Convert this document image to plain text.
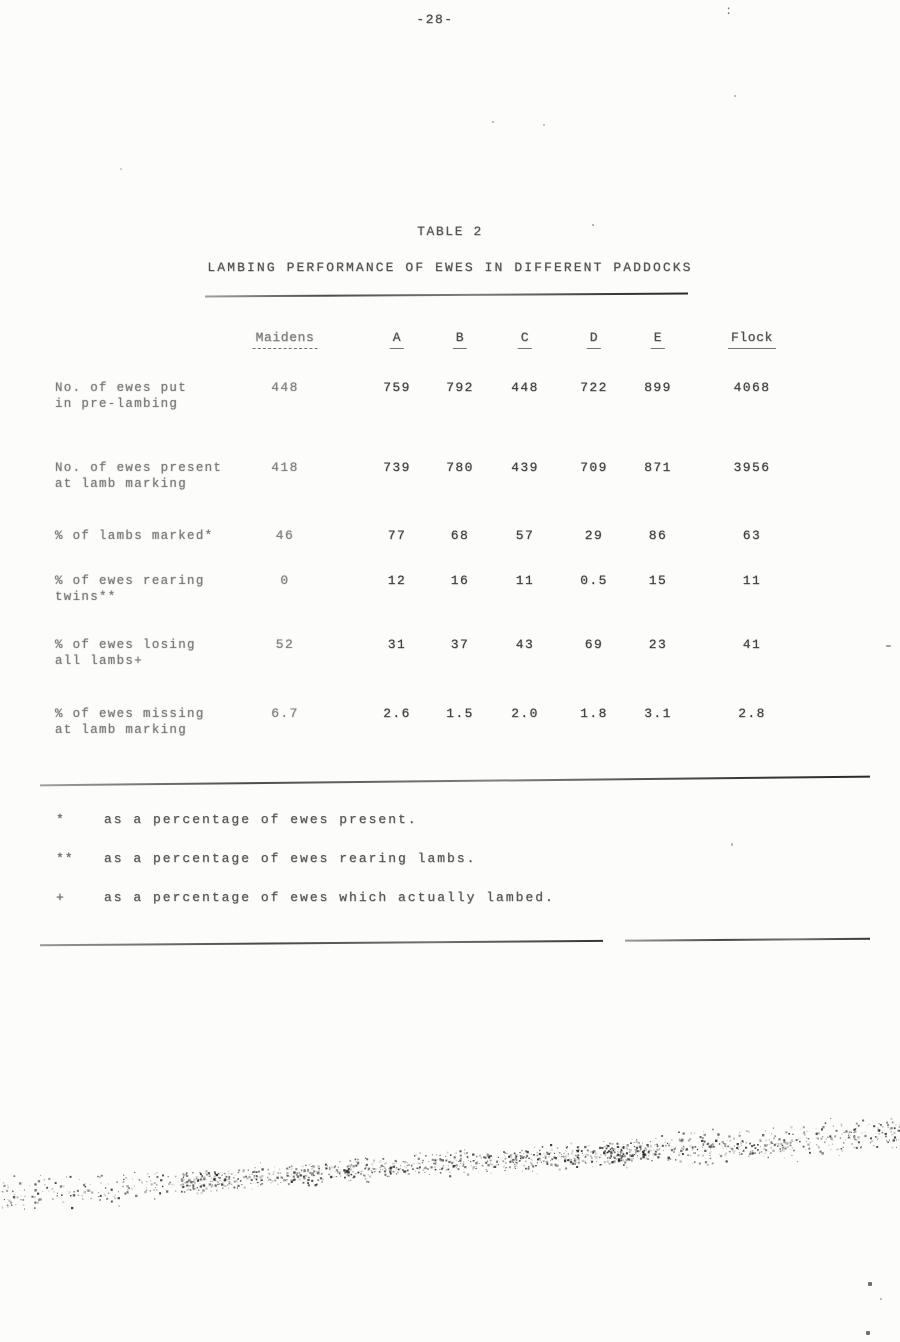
-28-
:
TABLE 2
LAMBING PERFORMANCE OF EWES IN DIFFERENT PADDOCKS
Maidens	A	B	C	D	E	Flock
No. of ewes put
in pre-lambing
448	759	792	448	722	899	4068
No. of ewes present
at lamb marking
418	739	780	439	709	871	3956
% of lambs marked*	46	77	68	57	29	86	63
% of ewes rearing
twins**
0	12	16	11	0.5	15	11
% of ewes losing
all lambs+
52	31	37	43	69	23	41
% of ewes missing
at lamb marking
6.7	2.6	1.5	2.0	1.8	3.1	2.8
*	as a percentage of ewes present.
** as a percentage of ewes rearing lambs.
+	as a percentage of ewes which actually lambed.
